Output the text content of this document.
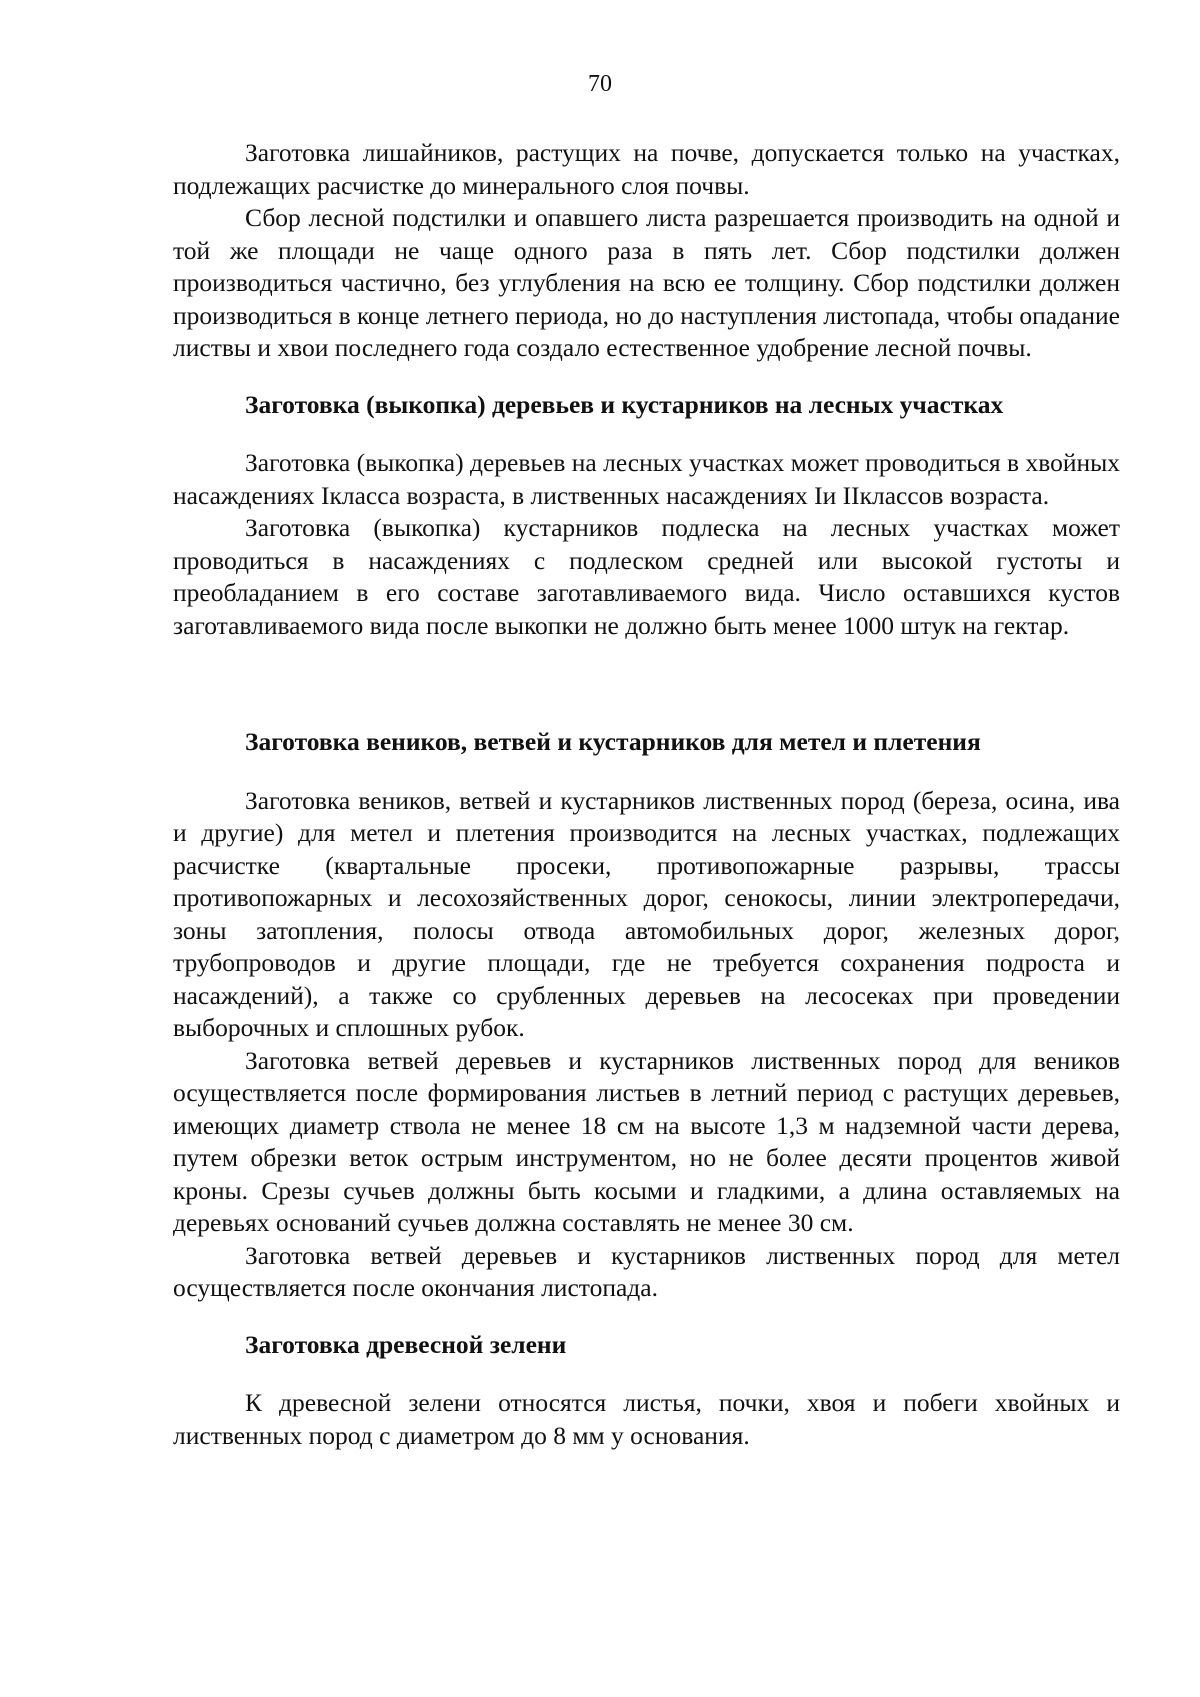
70

Заготовка лишайников, растущих на почве, допускается только на участках, подлежащих расчистке до минерального слоя почвы.

Сбор лесной подстилки и опавшего листа разрешается производить на одной и той же площади не чаще одного раза в пять лет. Сбор подстилки должен производиться частично, без углубления на всю ее толщину. Сбор подстилки должен производиться в конце летнего периода, но до наступления листопада, чтобы опадание листвы и хвои последнего года создало естественное удобрение лесной почвы.

Заготовка (выкопка) деревьев и кустарников на лесных участках

Заготовка (выкопка) деревьев на лесных участках может проводиться в хвойных насаждениях Iкласса возраста, в лиственных насаждениях Iи IIклассов возраста.

Заготовка (выкопка) кустарников подлеска на лесных участках может проводиться в насаждениях с подлеском средней или высокой густоты и преобладанием в его составе заготавливаемого вида. Число оставшихся кустов заготавливаемого вида после выкопки не должно быть менее 1000 штук на гектар.

Заготовка веников, ветвей и кустарников для метел и плетения

Заготовка веников, ветвей и кустарников лиственных пород (береза, осина, ива и другие) для метел и плетения производится на лесных участках, подлежащих расчистке (квартальные просеки, противопожарные разрывы, трассы противопожарных и лесохозяйственных дорог, сенокосы, линии электропередачи, зоны затопления, полосы отвода автомобильных дорог, железных дорог, трубопроводов и другие площади, где не требуется сохранения подроста и насаждений), а также со срубленных деревьев на лесосеках при проведении выборочных и сплошных рубок.

Заготовка ветвей деревьев и кустарников лиственных пород для веников осуществляется после формирования листьев в летний период с растущих деревьев, имеющих диаметр ствола не менее 18 см на высоте 1,3 м надземной части дерева, путем обрезки веток острым инструментом, но не более десяти процентов живой кроны. Срезы сучьев должны быть косыми и гладкими, а длина оставляемых на деревьях оснований сучьев должна составлять не менее 30 см.

Заготовка ветвей деревьев и кустарников лиственных пород для метел осуществляется после окончания листопада.

Заготовка древесной зелени

К древесной зелени относятся листья, почки, хвоя и побеги хвойных и лиственных пород с диаметром до 8 мм у основания.
